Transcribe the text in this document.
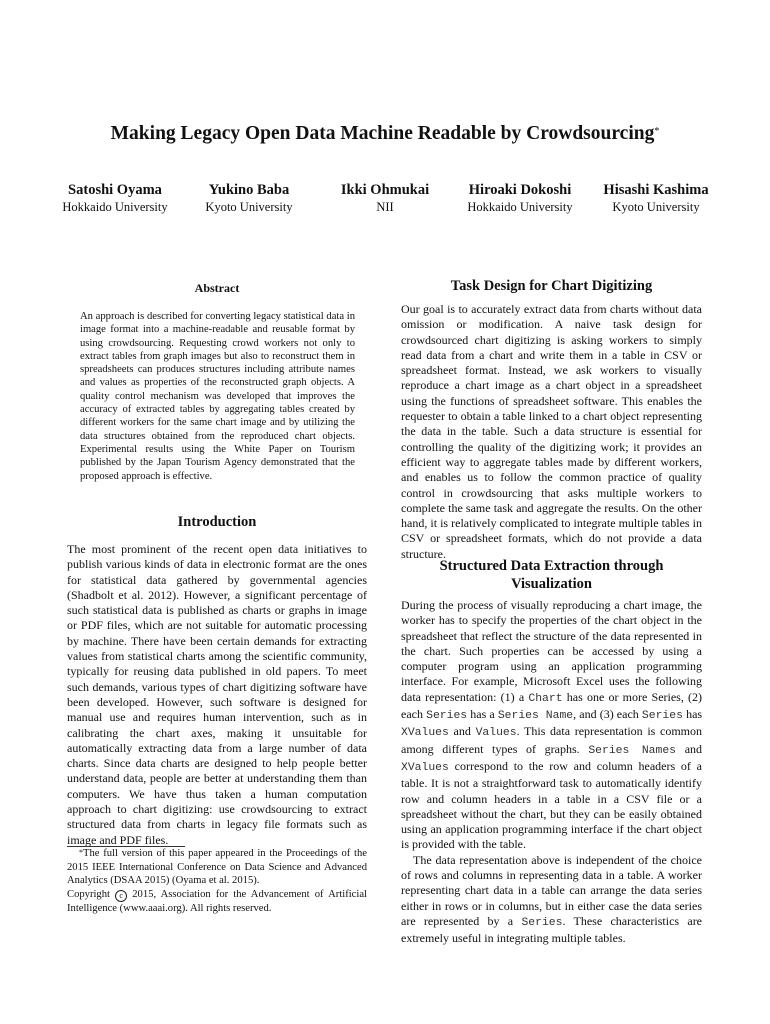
Making Legacy Open Data Machine Readable by Crowdsourcing*
Satoshi Oyama
Hokkaido University
Yukino Baba
Kyoto University
Ikki Ohmukai
NII
Hiroaki Dokoshi
Hokkaido University
Hisashi Kashima
Kyoto University
Abstract

An approach is described for converting legacy statistical data in image format into a machine-readable and reusable format by using crowdsourcing. Requesting crowd workers not only to extract tables from graph images but also to reconstruct them in spreadsheets can produces structures including attribute names and values as properties of the reconstructed graph objects. A quality control mechanism was developed that improves the accuracy of extracted tables by aggregating tables created by different workers for the same chart image and by utilizing the data structures obtained from the reproduced chart objects. Experimental results using the White Paper on Tourism published by the Japan Tourism Agency demonstrated that the proposed approach is effective.

Introduction

The most prominent of the recent open data initiatives to publish various kinds of data in electronic format are the ones for statistical data gathered by governmental agencies (Shadbolt et al. 2012). However, a significant percentage of such statistical data is published as charts or graphs in image or PDF files, which are not suitable for automatic processing by machine. There have been certain demands for extracting values from statistical charts among the scientific community, typically for reusing data published in old papers. To meet such demands, various types of chart digitizing software have been developed. However, such software is designed for manual use and requires human intervention, such as in calibrating the chart axes, making it unsuitable for automatically extracting data from a large number of data charts. Since data charts are designed to help people better understand data, people are better at understanding them than computers. We have thus taken a human computation approach to chart digitizing: use crowdsourcing to extract structured data from charts in legacy file formats such as image and PDF files.

*The full version of this paper appeared in the Proceedings of the 2015 IEEE International Conference on Data Science and Advanced Analytics (DSAA 2015) (Oyama et al. 2015).

Copyright c 2015, Association for the Advancement of Artificial Intelligence (www.aaai.org). All rights reserved.

Task Design for Chart Digitizing

Our goal is to accurately extract data from charts without data omission or modification. A naive task design for crowdsourced chart digitizing is asking workers to simply read data from a chart and write them in a table in CSV or spreadsheet format. Instead, we ask workers to visually reproduce a chart image as a chart object in a spreadsheet using the functions of spreadsheet software. This enables the requester to obtain a table linked to a chart object representing the data in the table. Such a data structure is essential for controlling the quality of the digitizing work; it provides an efficient way to aggregate tables made by different workers, and enables us to follow the common practice of quality control in crowdsourcing that asks multiple workers to complete the same task and aggregate the results. On the other hand, it is relatively complicated to integrate multiple tables in CSV or spreadsheet formats, which do not provide a data structure.

Structured Data Extraction through
Visualization

During the process of visually reproducing a chart image, the worker has to specify the properties of the chart object in the spreadsheet that reflect the structure of the data represented in the chart. Such properties can be accessed by using a computer program using an application programming interface. For example, Microsoft Excel uses the following data representation: (1) a Chart has one or more Series, (2) each Series has a Series Name, and (3) each Series has XValues and Values. This data representation is common among different types of graphs. Series Names and XValues correspond to the row and column headers of a table. It is not a straightforward task to automatically identify row and column headers in a table in a CSV file or a spreadsheet without the chart, but they can be easily obtained using an application programming interface if the chart object is provided with the table.

The data representation above is independent of the choice of rows and columns in representing data in a table. A worker representing chart data in a table can arrange the data series either in rows or in columns, but in either case the data series are represented by a Series. These characteristics are extremely useful in integrating multiple tables.
